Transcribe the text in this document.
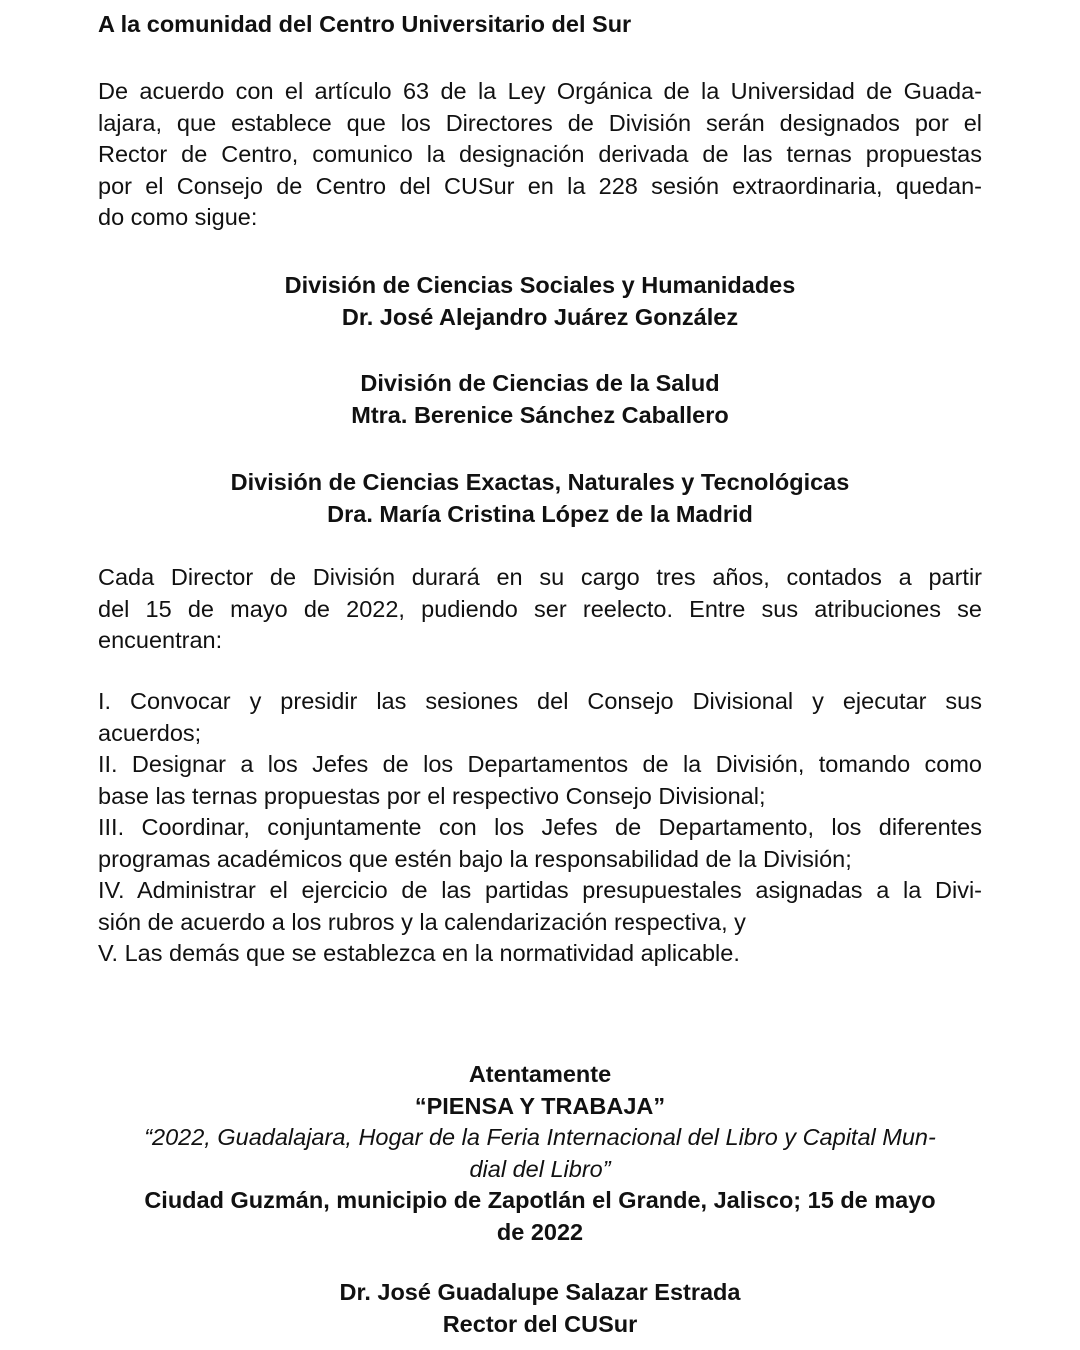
A la comunidad del Centro Universitario del Sur
De acuerdo con el artículo 63 de la Ley Orgánica de la Universidad de Guada-
lajara, que establece que los Directores de División serán designados por el
Rector de Centro, comunico la designación derivada de las ternas propuestas
por el Consejo de Centro del CUSur en la 228 sesión extraordinaria, quedan-
do como sigue:
División de Ciencias Sociales y Humanidades
Dr. José Alejandro Juárez González
División de Ciencias de la Salud
Mtra. Berenice Sánchez Caballero
División de Ciencias Exactas, Naturales y Tecnológicas
Dra. María Cristina López de la Madrid
Cada Director de División durará en su cargo tres años, contados a partir
del 15 de mayo de 2022, pudiendo ser reelecto. Entre sus atribuciones se
encuentran:
I. Convocar y presidir las sesiones del Consejo Divisional y ejecutar sus
acuerdos;
II. Designar a los Jefes de los Departamentos de la División, tomando como
base las ternas propuestas por el respectivo Consejo Divisional;
III. Coordinar, conjuntamente con los Jefes de Departamento, los diferentes
programas académicos que estén bajo la responsabilidad de la División;
IV. Administrar el ejercicio de las partidas presupuestales asignadas a la Divi-
sión de acuerdo a los rubros y la calendarización respectiva, y
V. Las demás que se establezca en la normatividad aplicable.
Atentamente
“PIENSA Y TRABAJA”
“2022, Guadalajara, Hogar de la Feria Internacional del Libro y Capital Mun-
dial del Libro”
Ciudad Guzmán, municipio de Zapotlán el Grande, Jalisco; 15 de mayo
de 2022
Dr. José Guadalupe Salazar Estrada
Rector del CUSur
